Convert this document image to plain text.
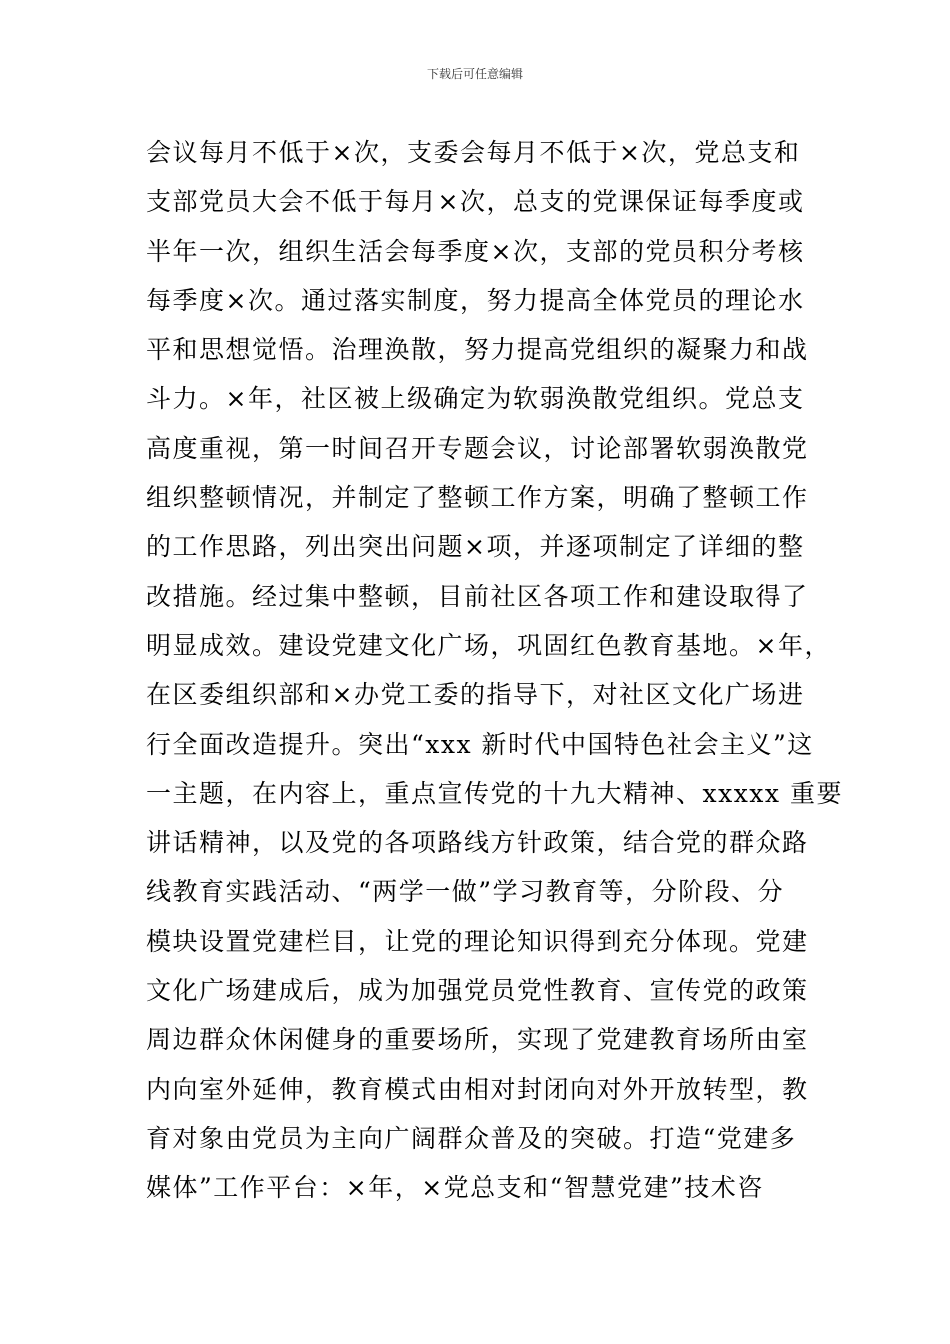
下载后可任意编辑
会议每月不低于×次，支委会每月不低于×次，党总支和
支部党员大会不低于每月×次，总支的党课保证每季度或
半年一次，组织生活会每季度×次，支部的党员积分考核
每季度×次。通过落实制度，努力提高全体党员的理论水
平和思想觉悟。治理涣散，努力提高党组织的凝聚力和战
斗力。×年，社区被上级确定为软弱涣散党组织。党总支
高度重视，第一时间召开专题会议，讨论部署软弱涣散党
组织整顿情况，并制定了整顿工作方案，明确了整顿工作
的工作思路，列出突出问题×项，并逐项制定了详细的整
改措施。经过集中整顿，目前社区各项工作和建设取得了
明显成效。建设党建文化广场，巩固红色教育基地。×年，
在区委组织部和×办党工委的指导下，对社区文化广场进
行全面改造提升。突出“xxx 新时代中国特色社会主义”这
一主题，在内容上，重点宣传党的十九大精神、xxxxx 重要
讲话精神，以及党的各项路线方针政策，结合党的群众路
线教育实践活动、“两学一做”学习教育等，分阶段、分
模块设置党建栏目，让党的理论知识得到充分体现。党建
文化广场建成后，成为加强党员党性教育、宣传党的政策
周边群众休闲健身的重要场所，实现了党建教育场所由室
内向室外延伸，教育模式由相对封闭向对外开放转型，教
育对象由党员为主向广阔群众普及的突破。打造“党建多
媒体”工作平台：×年，×党总支和“智慧党建”技术咨
